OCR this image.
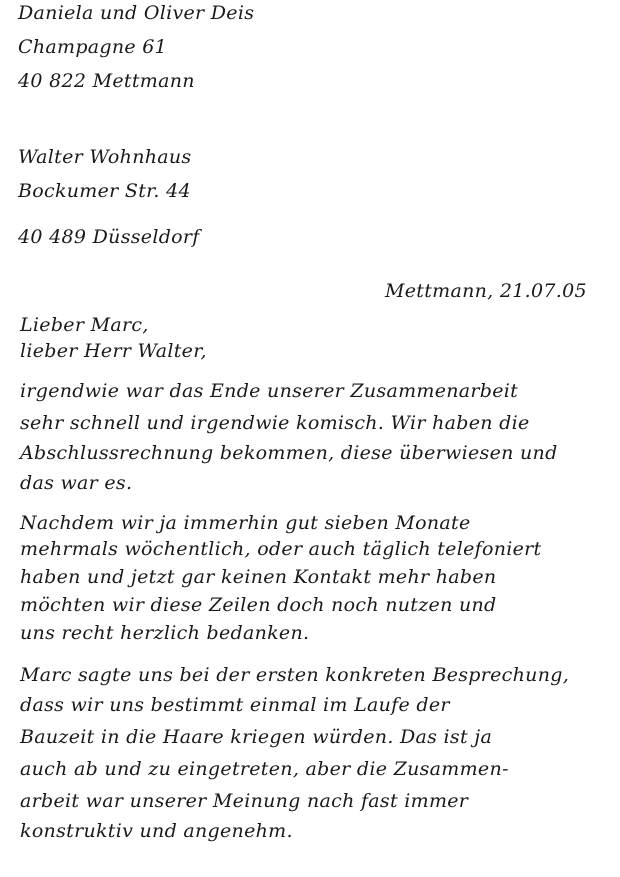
Daniela und Oliver Deis
Champagne 61
40 822 Mettmann
Walter Wohnhaus
Bockumer Str. 44
40 489 Düsseldorf
Mettmann, 21.07.05
Lieber Marc,
lieber Herr Walter,
irgendwie war das Ende unserer Zusammenarbeit
sehr schnell und irgendwie komisch. Wir haben die
Abschlussrechnung bekommen, diese überwiesen und
das war es.
Nachdem wir ja immerhin gut sieben Monate
mehrmals wöchentlich, oder auch täglich telefoniert
haben und jetzt gar keinen Kontakt mehr haben
möchten wir diese Zeilen doch noch nutzen und
uns recht herzlich bedanken.
Marc sagte uns bei der ersten konkreten Besprechung,
dass wir uns bestimmt einmal im Laufe der
Bauzeit in die Haare kriegen würden. Das ist ja
auch ab und zu eingetreten, aber die Zusammen-
arbeit war unserer Meinung nach fast immer
konstruktiv und angenehm.
